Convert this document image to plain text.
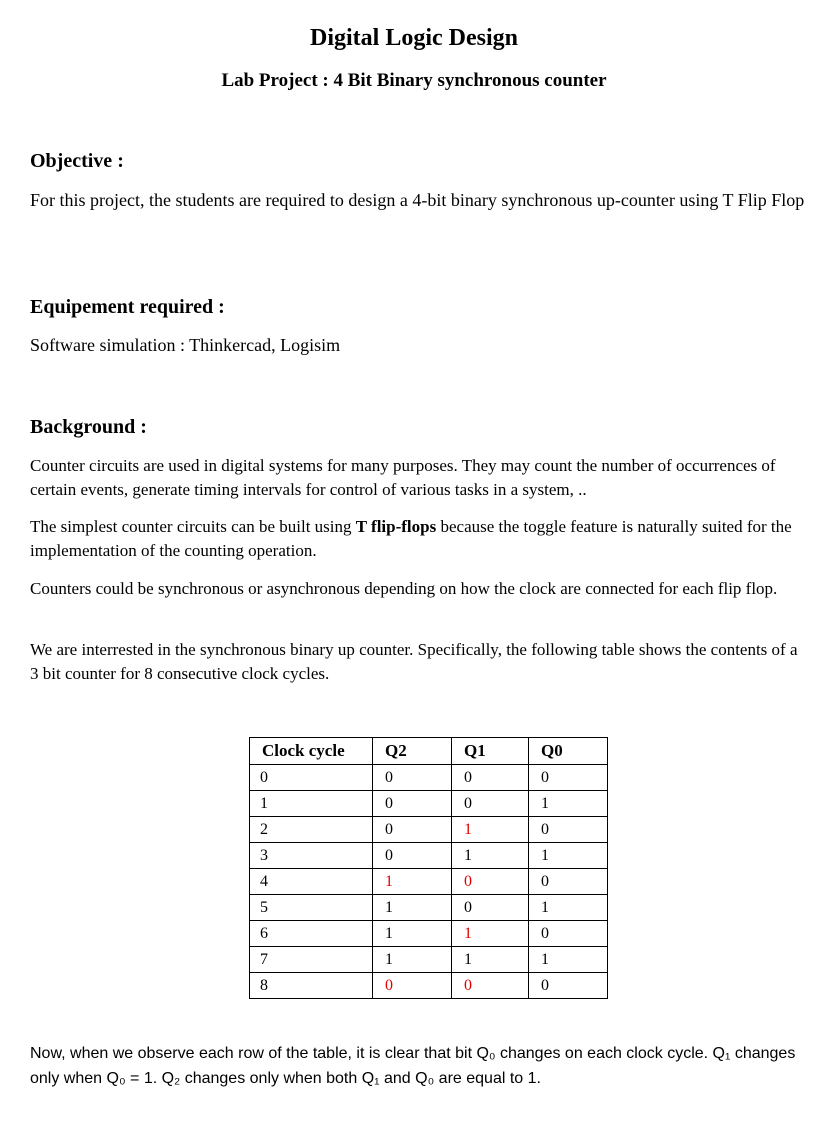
Digital Logic Design
Lab Project : 4 Bit Binary synchronous counter
Objective :

For this project, the students are required to design a 4-bit binary synchronous up-counter using T Flip Flop

Equipement required :

Software simulation : Thinkercad, Logisim

Background :

Counter circuits are used in digital systems for many purposes. They may count the number of occurrences of certain events, generate timing intervals for control of various tasks in a system, ..

The simplest counter circuits can be built using T flip-flops because the toggle feature is naturally suited for the implementation of the counting operation.

Counters could be synchronous or asynchronous depending on how the clock are connected for each flip flop.

We are interrested in the synchronous binary up counter. Specifically, the following table shows the contents of a 3 bit counter for 8 consecutive clock cycles.

Clock cycle	Q2	Q1	Q0
0	0	0	0
1	0	0	1
2	0	1	0
3	0	1	1
4	1	0	0
5	1	0	1
6	1	1	0
7	1	1	1
8	0	0	0

Now, when we observe each row of the table, it is clear that bit Q₀ changes on each clock cycle. Q₁ changes only when Q₀ = 1. Q₂ changes only when both Q₁ and Q₀ are equal to 1.
